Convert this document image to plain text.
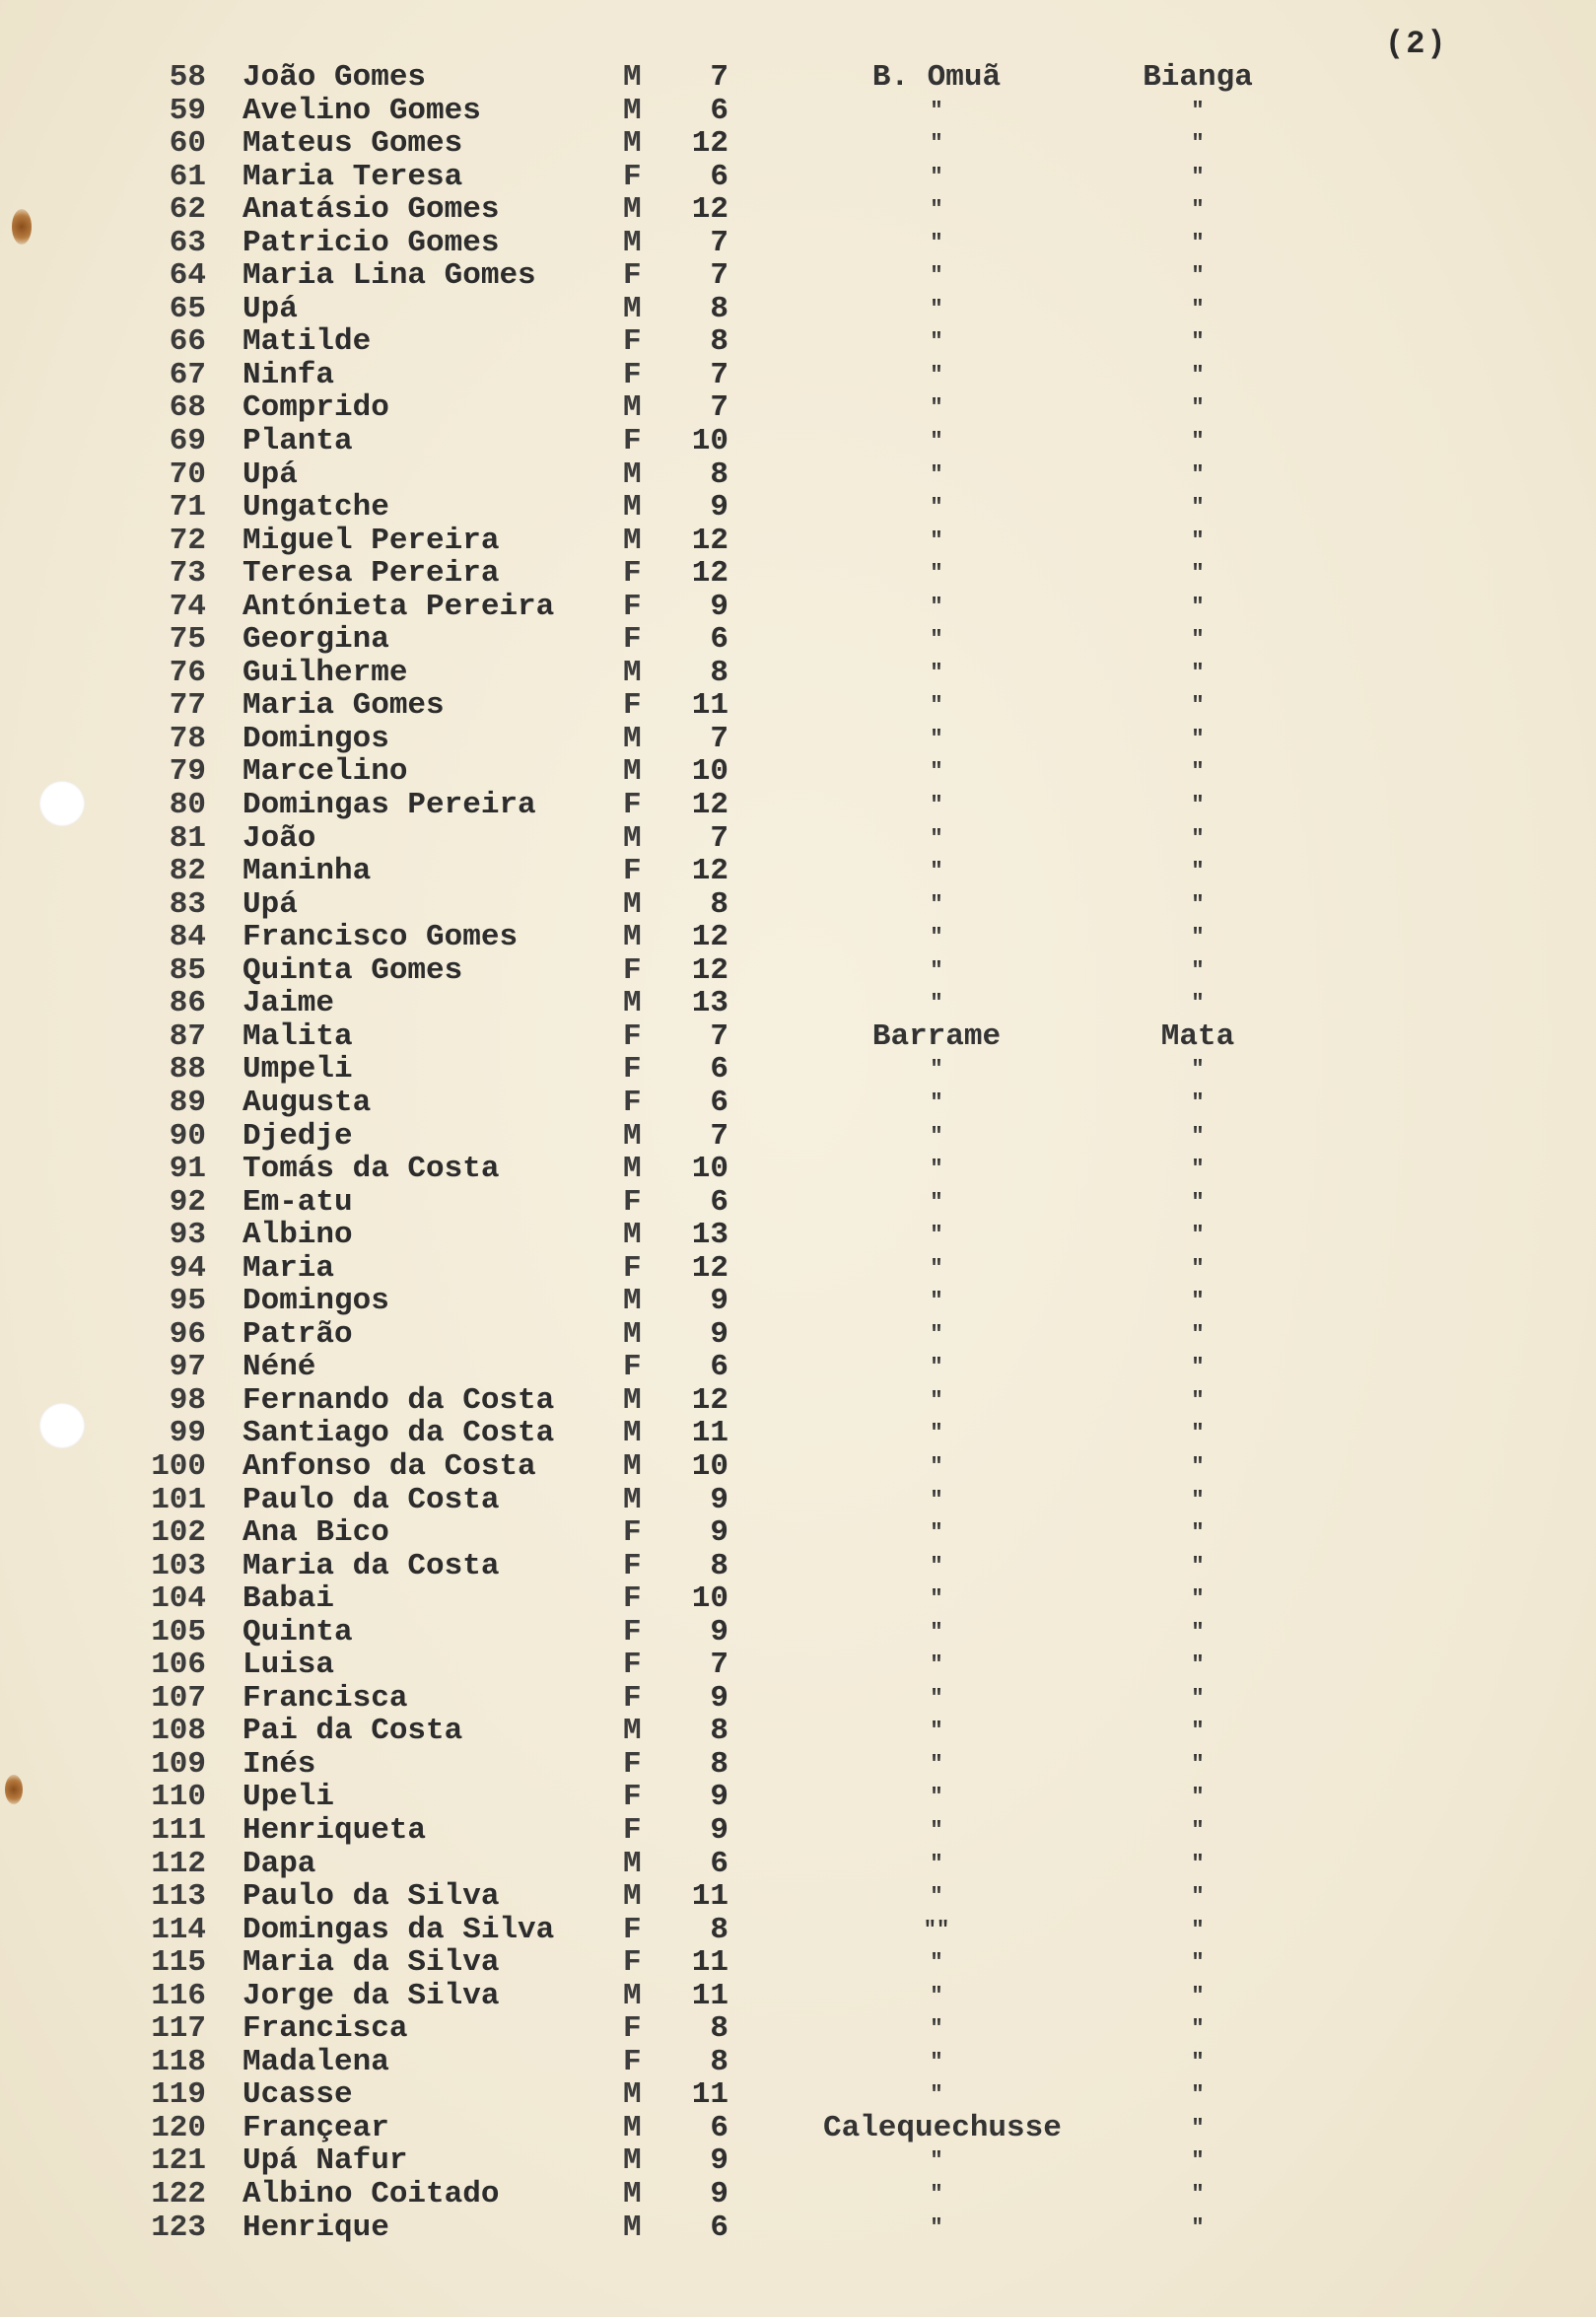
(2)
58 João Gomes	M 7	B. Omuã	Bianga
59 Avelino Gomes	M 6	"	"
60 Mateus Gomes	M 12	"	"
61 Maria Teresa	F 6	"	"
62 Anatásio Gomes	M 12	"	"
63 Patricio Gomes	M 7	"	"
64 Maria Lina Gomes	F 7	"	"
65 Upá	M 8	"	"
66 Matilde	F 8	"	"
67 Ninfa	F 7	"	"
68 Comprido	M 7	"	"
69 Planta	F 10	"	"
70 Upá	M 8	"	"
71 Ungatche	M 9	"	"
72 Miguel Pereira	M 12	"	"
73 Teresa Pereira	F 12	"	"
74 Antónieta Pereira F 9	"	"
75 Georgina	F 6	"	"
76 Guilherme	M 8	"	"
77 Maria Gomes	F 11	"	"
78 Domingos	M 7	"	"
79 Marcelino	M 10	"	"
80 Domingas Pereira	F 12	"	"
81 João	M 7	"	"
82 Maninha	F 12	"	"
83 Upá	M 8	"	"
84 Francisco Gomes	M 12	"	"
85 Quinta Gomes	F 12	"	"
86 Jaime	M 13	"	"
87 Malita	F 7	Barrame	Mata
88 Umpeli	F 6	"	"
89 Augusta	F 6	"	"
90 Djedje	M 7	"	"
91 Tomás da Costa	M 10	"	"
92 Em-atu	F 6	"	"
93 Albino	M 13	"	"
94 Maria	F 12	"	"
95 Domingos	M 9	"	"
96 Patrão	M 9	"	"
97 Néné	F 6	"	"
98 Fernando da Costa M 12	"	"
99 Santiago da Costa M 11	"	"
100 Anfonso da Costa	M 10	"	"
101 Paulo da Costa	M 9	"	"
102 Ana Bico	F 9	"	"
103 Maria da Costa	F 8	"	"
104 Babai	F 10	"	"
105 Quinta	F 9	"	"
106 Luisa	F 7	"	"
107 Francisca	F 9	"	"
108 Pai da Costa	M 8	"	"
109 Inés	F 8	"	"
110 Upeli	F 9	"	"
111 Henriqueta	F 9	"	"
112 Dapa	M 6	"	"
113 Paulo da Silva	M 11	"	"
114 Domingas da Silva F 8	""	"
115 Maria da Silva	F 11	"	"
116 Jorge da Silva	M 11	"	"
117 Francisca	F 8	"	"
118 Madalena	F 8	"	"
119 Ucasse	M 11	"	"
120 Françear	M 6	Calequechusse	"
121 Upá Nafur	M 9	"	"
122 Albino Coitado	M 9	"	"
123 Henrique	M 6	"	"
